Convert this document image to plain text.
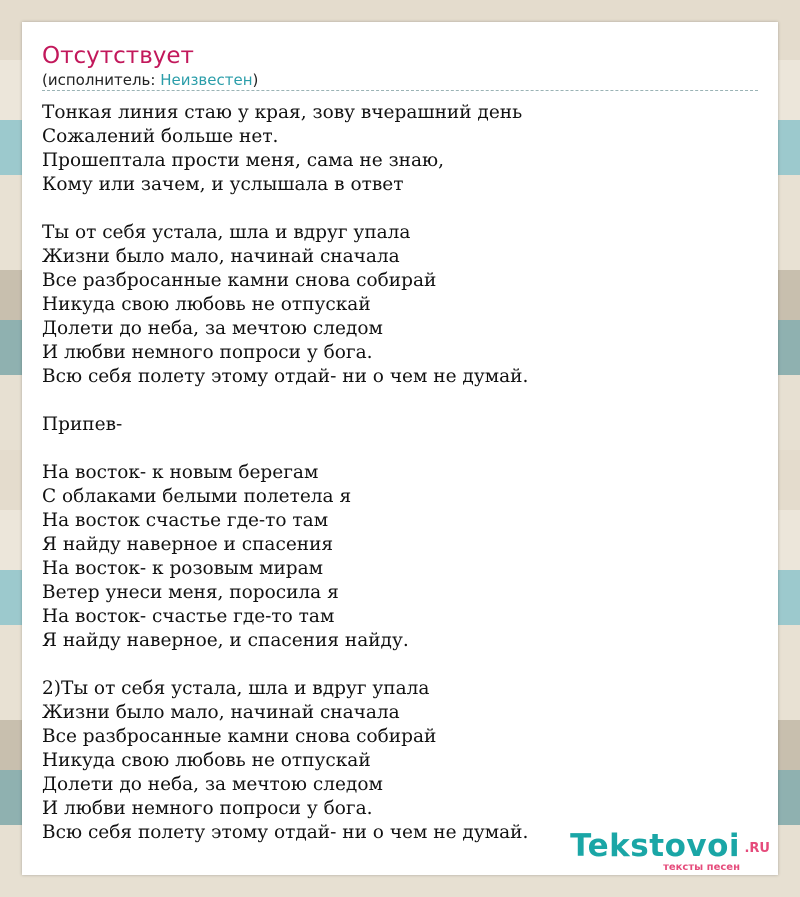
Отсутствует
(исполнитель: Неизвестен)
Тонкая линия стаю у края, зову вчерашний день
Сожалений больше нет.
Прошептала прости меня, сама не знаю,
Кому или зачем, и услышала в ответ

Ты от себя устала, шла и вдруг упала
Жизни было мало, начинай сначала
Все разбросанные камни снова собирай
Никуда свою любовь не отпускай
Долети до неба, за мечтою следом
И любви немного попроси у бога.
Всю себя полету этому отдай- ни о чем не думай.

Припев-

На восток- к новым берегам
С облаками белыми полетела я
На восток счастье где-то там
Я найду наверное и спасения
На восток- к розовым мирам
Ветер унеси меня, поросила я
На восток- счастье где-то там
Я найду наверное, и спасения найду.

2)Ты от себя устала, шла и вдруг упала
Жизни было мало, начинай сначала
Все разбросанные камни снова собирай
Никуда свою любовь не отпускай
Долети до неба, за мечтою следом
И любви немного попроси у бога.
Всю себя полету этому отдай- ни о чем не думай.	Tekstovoi .RU
тексты песен
